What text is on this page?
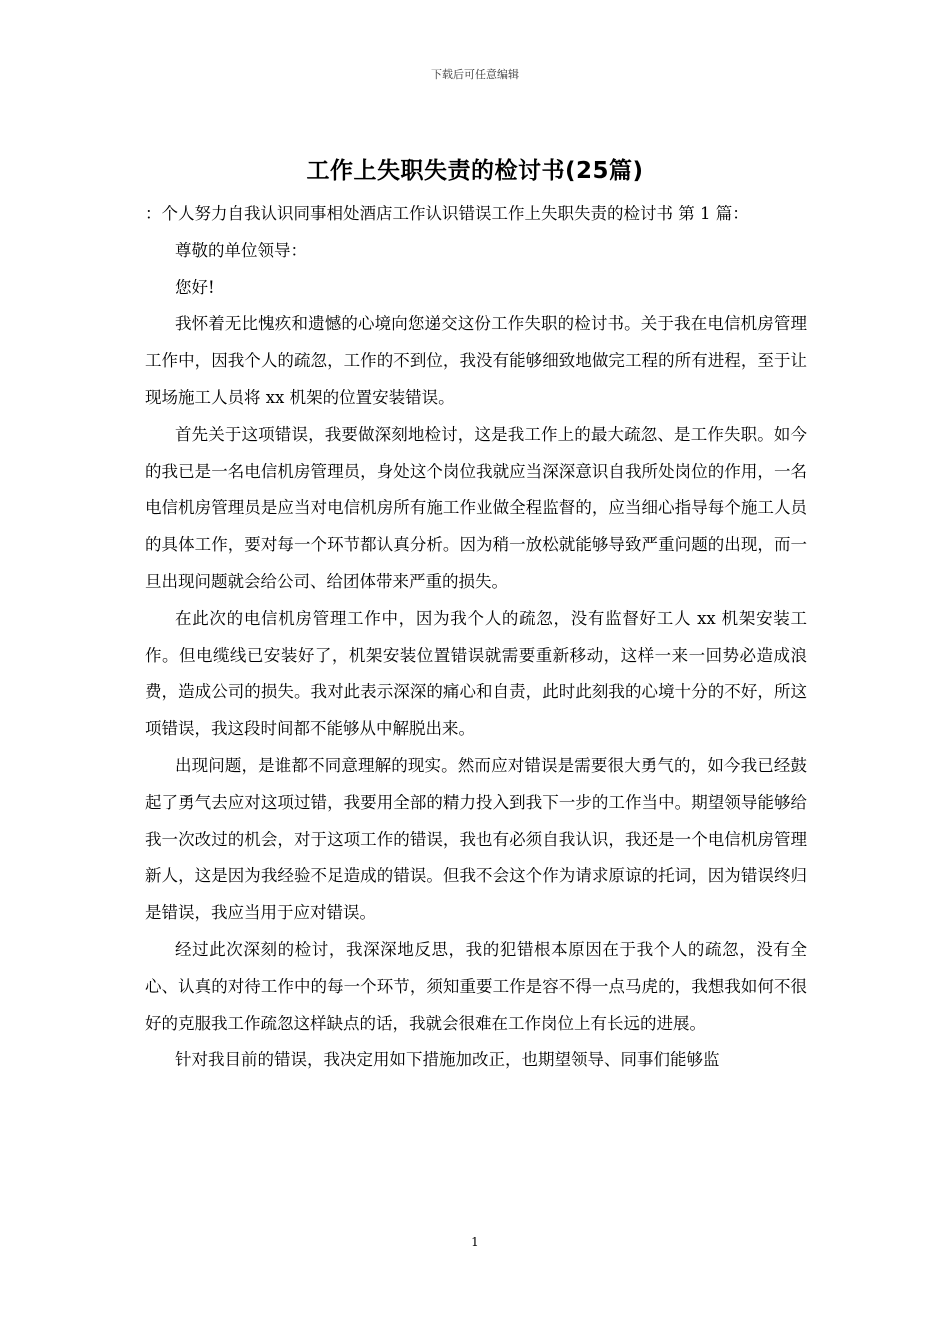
下载后可任意编辑
工作上失职失责的检讨书(25篇)

：个人努力自我认识同事相处酒店工作认识错误工作上失职失责的检讨书 第 1 篇：

尊敬的单位领导：

您好!

我怀着无比愧疚和遗憾的心境向您递交这份工作失职的检讨书。关于我在电信机房管理工作中，因我个人的疏忽，工作的不到位，我没有能够细致地做完工程的所有进程，至于让现场施工人员将 xx 机架的位置安装错误。

首先关于这项错误，我要做深刻地检讨，这是我工作上的最大疏忽、是工作失职。如今的我已是一名电信机房管理员，身处这个岗位我就应当深深意识自我所处岗位的作用，一名电信机房管理员是应当对电信机房所有施工作业做全程监督的，应当细心指导每个施工人员的具体工作，要对每一个环节都认真分析。因为稍一放松就能够导致严重问题的出现，而一旦出现问题就会给公司、给团体带来严重的损失。

在此次的电信机房管理工作中，因为我个人的疏忽，没有监督好工人 xx 机架安装工作。但电缆线已安装好了，机架安装位置错误就需要重新移动，这样一来一回势必造成浪费，造成公司的损失。我对此表示深深的痛心和自责，此时此刻我的心境十分的不好，所这项错误，我这段时间都不能够从中解脱出来。

出现问题，是谁都不同意理解的现实。然而应对错误是需要很大勇气的，如今我已经鼓起了勇气去应对这项过错，我要用全部的精力投入到我下一步的工作当中。期望领导能够给我一次改过的机会，对于这项工作的错误，我也有必须自我认识，我还是一个电信机房管理新人，这是因为我经验不足造成的错误。但我不会这个作为请求原谅的托词，因为错误终归是错误，我应当用于应对错误。

经过此次深刻的检讨，我深深地反思，我的犯错根本原因在于我个人的疏忽，没有全心、认真的对待工作中的每一个环节，须知重要工作是容不得一点马虎的，我想我如何不很好的克服我工作疏忽这样缺点的话，我就会很难在工作岗位上有长远的进展。

针对我目前的错误，我决定用如下措施加改正，也期望领导、同事们能够监

1
